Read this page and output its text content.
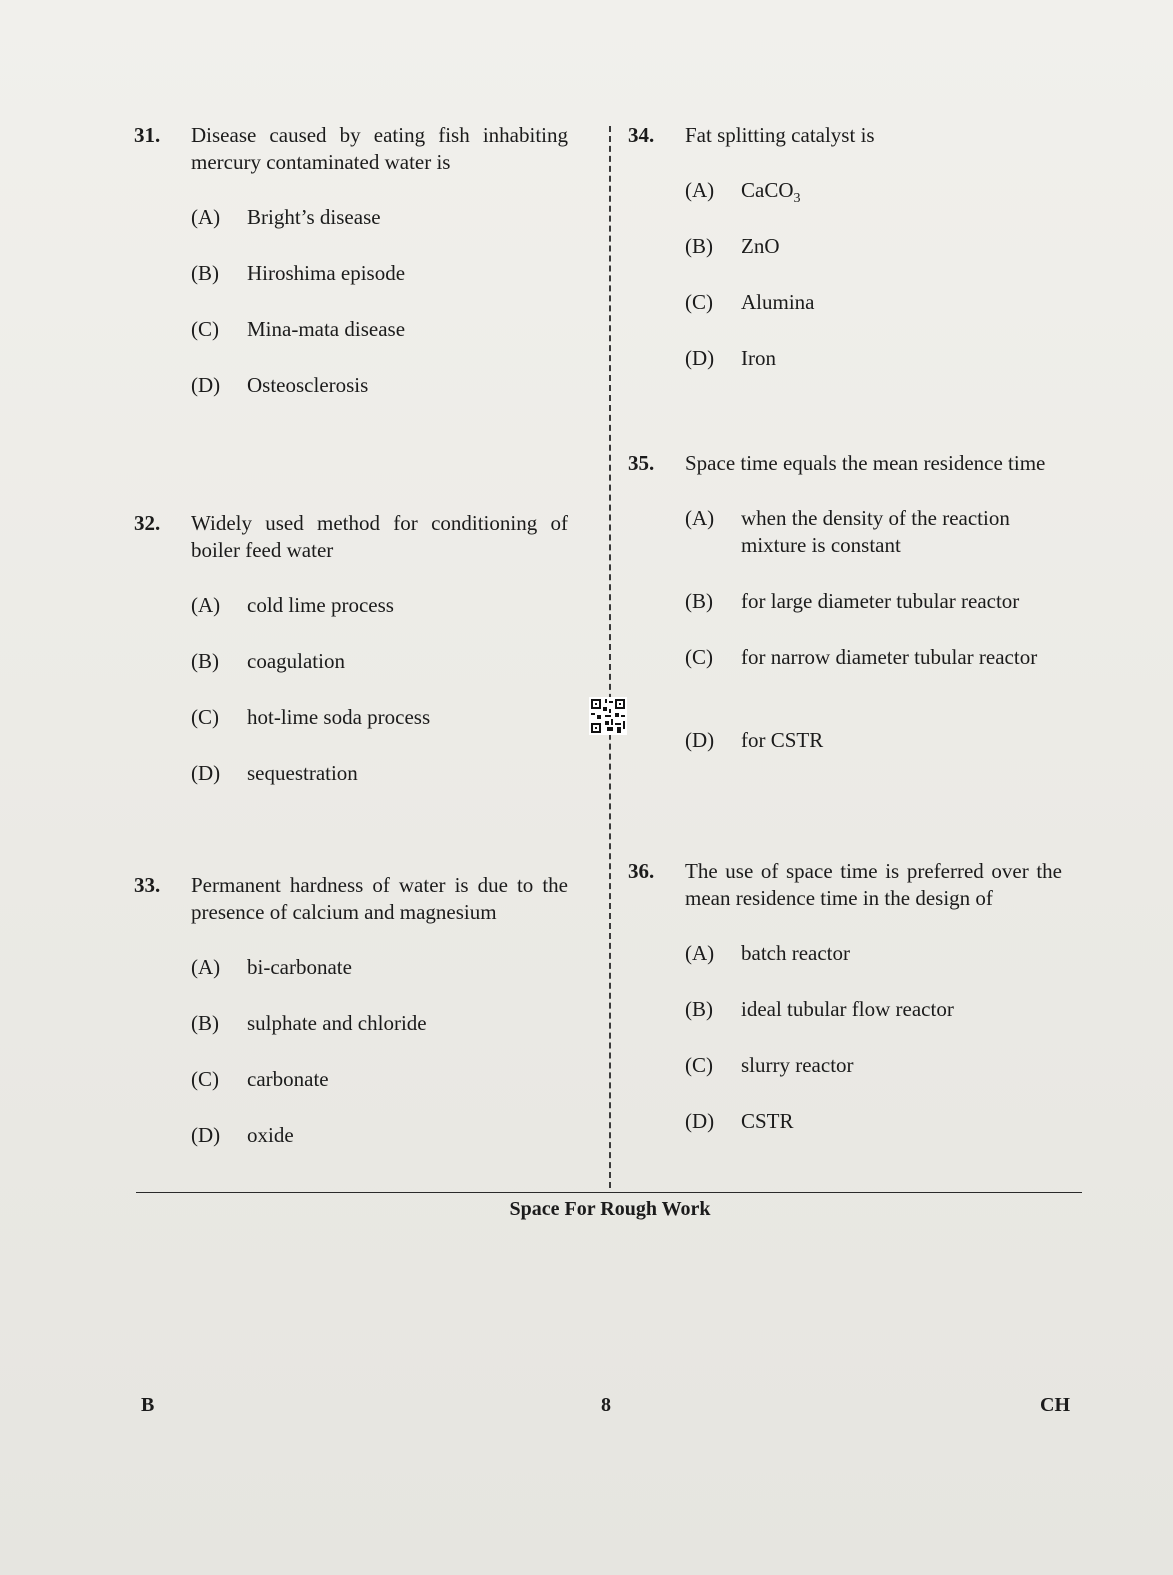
31. Disease caused by eating fish inhabiting mercury contaminated water is
(A) Bright’s disease
(B) Hiroshima episode
(C) Mina-mata disease
(D) Osteosclerosis
32. Widely used method for conditioning of boiler feed water
(A) cold lime process
(B) coagulation
(C) hot-lime soda process
(D) sequestration
33. Permanent hardness of water is due to the presence of calcium and magnesium
(A) bi-carbonate
(B) sulphate and chloride
(C) carbonate
(D) oxide
34. Fat splitting catalyst is
(A) CaCO$_3$
(B) ZnO
(C) Alumina
(D) Iron
35. Space time equals the mean residence time
(A) when the density of the reaction mixture is constant
(B) for large diameter tubular reactor
(C) for narrow diameter tubular reactor
(D) for CSTR
36. The use of space time is preferred over the mean residence time in the design of
(A) batch reactor
(B) ideal tubular flow reactor
(C) slurry reactor
(D) CSTR
Space For Rough Work
B	8	CH
